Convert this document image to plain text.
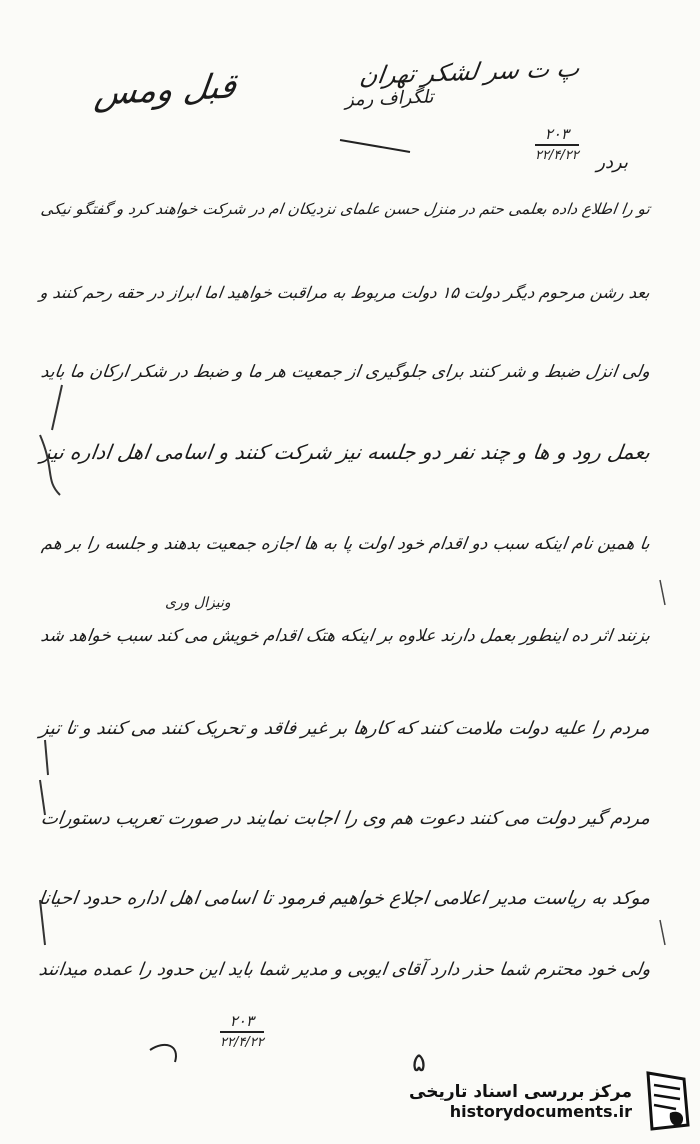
قبل ومس	پ ت سر لشکر تهران
تلگراف رمز
۲۰۳
۲۲/۴/۲۲ بردر
تو را اطلاع داده بعلمی حتم در منزل حسن علمای نزدیکان ام در شرکت خواهند کرد و گفتگو نیکی
بعد رشن مرحوم دیگر دولت ۱۵ دولت مربوط به مراقبت خواهید اما ابراز در حقه رحم کنند و
ولی انزل ضبط و شر کنند برای جلوگیری از جمعیت هر ما و ضبط در شکر ارکان ما باید
بعمل رود و ها و چند نفر دو جلسه نیز شرکت کنند و اسامی اهل اداره نیز
با همین نام اینکه سبب دو اقدام خود اولت پا به ها اجازه جمعیت بدهند و جلسه را بر هم
ونیزال وری
بزنند اثر ده اینطور بعمل دارند علاوه بر اینکه هتک اقدام خویش می کند سبب خواهد شد
مردم را علیه دولت ملامت کنند که کارها بر غیر فاقد و تحریک کنند می کنند و تا تیز
مردم گیر دولت می کنند دعوت هم وی را اجابت نمایند در صورت تعریب دستورات
موکد به ریاست مدیر اعلامی اجلاع خواهیم فرمود تا اسامی اهل اداره حدود احیانا
ولی خود محترم شما حذر دارد آقای ایوبی و مدیر شما باید این حدود را عمده میدانند
۲۰۳
۲۲/۴/۲۲
۵
مرکز بررسی اسناد تاریخی
historydocuments.ir
